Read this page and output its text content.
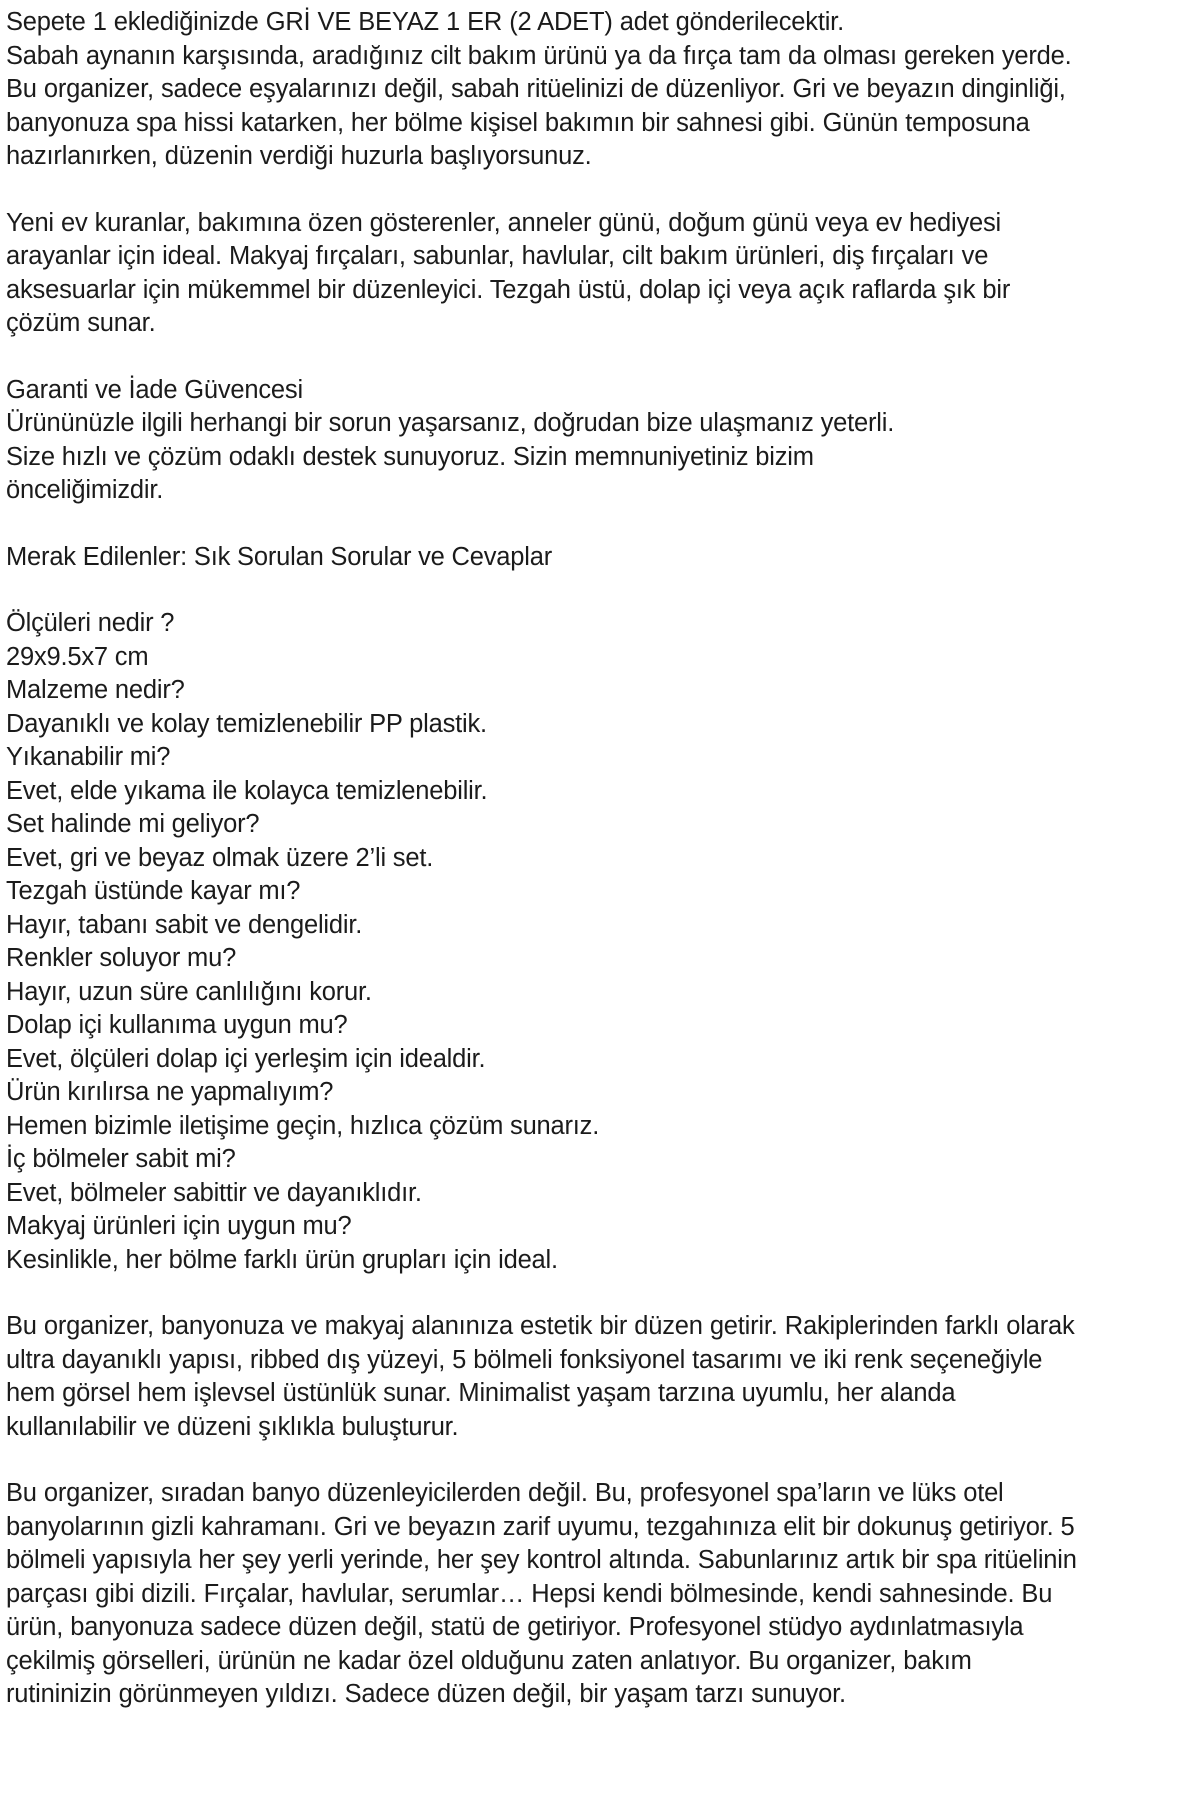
Sepete 1 eklediğinizde GRİ VE BEYAZ 1 ER (2 ADET) adet gönderilecektir.

Sabah aynanın karşısında, aradığınız cilt bakım ürünü ya da fırça tam da olması gereken yerde. Bu organizer, sadece eşyalarınızı değil, sabah ritüelinizi de düzenliyor. Gri ve beyazın dinginliği, banyonuza spa hissi katarken, her bölme kişisel bakımın bir sahnesi gibi. Günün temposuna hazırlanırken, düzenin verdiği huzurla başlıyorsunuz.

Yeni ev kuranlar, bakımına özen gösterenler, anneler günü, doğum günü veya ev hediyesi arayanlar için ideal. Makyaj fırçaları, sabunlar, havlular, cilt bakım ürünleri, diş fırçaları ve aksesuarlar için mükemmel bir düzenleyici. Tezgah üstü, dolap içi veya açık raflarda şık bir çözüm sunar.

Garanti ve İade Güvencesi
Ürününüzle ilgili herhangi bir sorun yaşarsanız, doğrudan bize ulaşmanız yeterli.
Size hızlı ve çözüm odaklı destek sunuyoruz. Sizin memnuniyetiniz bizim
önceliğimizdir.
Merak Edilenler: Sık Sorulan Sorular ve Cevaplar
Ölçüleri nedir ?
29x9.5x7 cm
Malzeme nedir?
Dayanıklı ve kolay temizlenebilir PP plastik.
Yıkanabilir mi?
Evet, elde yıkama ile kolayca temizlenebilir.
Set halinde mi geliyor?
Evet, gri ve beyaz olmak üzere 2’li set.
Tezgah üstünde kayar mı?
Hayır, tabanı sabit ve dengelidir.
Renkler soluyor mu?
Hayır, uzun süre canlılığını korur.
Dolap içi kullanıma uygun mu?
Evet, ölçüleri dolap içi yerleşim için idealdir.
Ürün kırılırsa ne yapmalıyım?
Hemen bizimle iletişime geçin, hızlıca çözüm sunarız.
İç bölmeler sabit mi?
Evet, bölmeler sabittir ve dayanıklıdır.
Makyaj ürünleri için uygun mu?
Kesinlikle, her bölme farklı ürün grupları için ideal.

Bu organizer, banyonuza ve makyaj alanınıza estetik bir düzen getirir. Rakiplerinden farklı olarak ultra dayanıklı yapısı, ribbed dış yüzeyi, 5 bölmeli fonksiyonel tasarımı ve iki renk seçeneğiyle hem görsel hem işlevsel üstünlük sunar. Minimalist yaşam tarzına uyumlu, her alanda kullanılabilir ve düzeni şıklıkla buluşturur.

Bu organizer, sıradan banyo düzenleyicilerden değil. Bu, profesyonel spa’ların ve lüks otel banyolarının gizli kahramanı. Gri ve beyazın zarif uyumu, tezgahınıza elit bir dokunuş getiriyor. 5 bölmeli yapısıyla her şey yerli yerinde, her şey kontrol altında. Sabunlarınız artık bir spa ritüelinin parçası gibi dizili. Fırçalar, havlular, serumlar… Hepsi kendi bölmesinde, kendi sahnesinde. Bu ürün, banyonuza sadece düzen değil, statü de getiriyor. Profesyonel stüdyo aydınlatmasıyla çekilmiş görselleri, ürünün ne kadar özel olduğunu zaten anlatıyor. Bu organizer, bakım rutininizin görünmeyen yıldızı. Sadece düzen değil, bir yaşam tarzı sunuyor.
